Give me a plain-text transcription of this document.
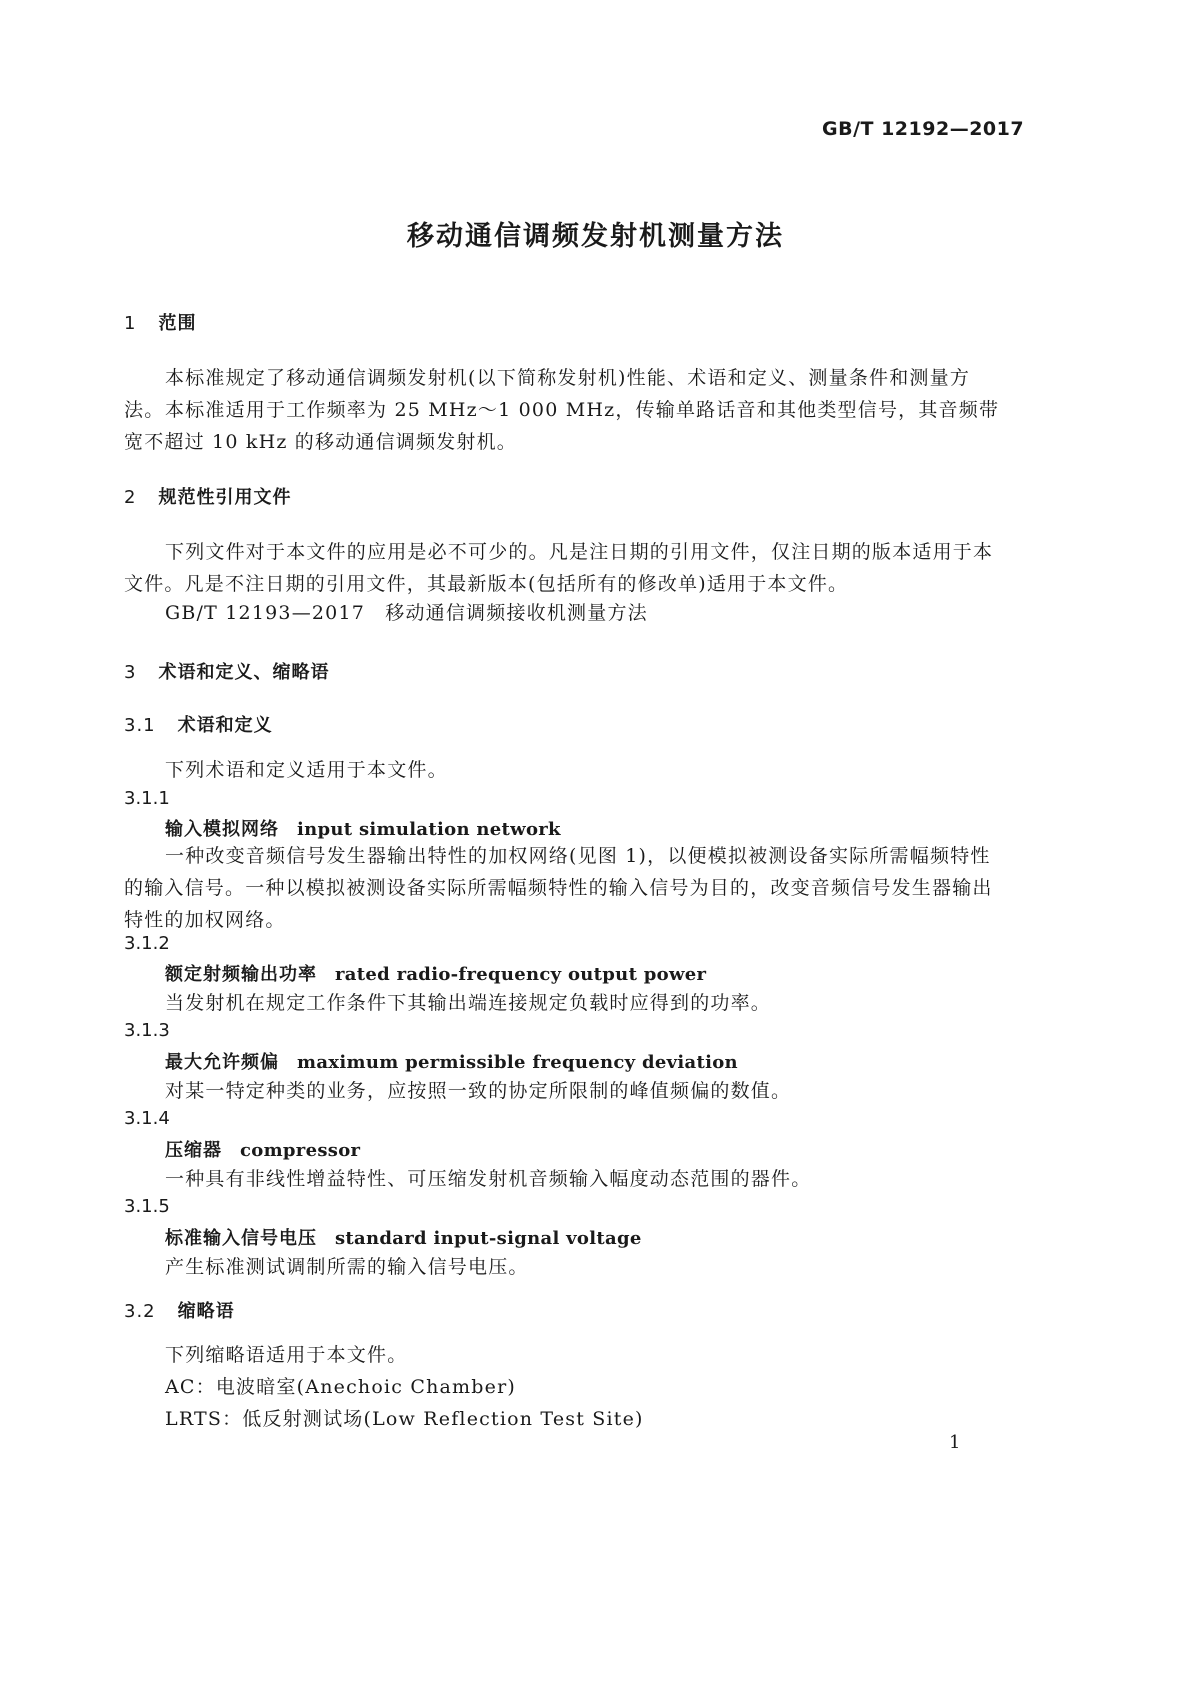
GB/T 12192—2017
移动通信调频发射机测量方法
1 范围
本标准规定了移动通信调频发射机(以下简称发射机)性能、术语和定义、测量条件和测量方法。 本标准适用于工作频率为 25 MHz～1 000 MHz，传输单路话音和其他类型信号，其音频带宽不超过 10 kHz 的移动通信调频发射机。
2 规范性引用文件
下列文件对于本文件的应用是必不可少的。凡是注日期的引用文件，仅注日期的版本适用于本文件。凡是不注日期的引用文件，其最新版本(包括所有的修改单)适用于本文件。
GB/T 12193—2017　移动通信调频接收机测量方法
3 术语和定义、缩略语
3.1 术语和定义
下列术语和定义适用于本文件。
3.1.1
输入模拟网络 input simulation network
一种改变音频信号发生器输出特性的加权网络(见图 1)，以便模拟被测设备实际所需幅频特性的输入信号。一种以模拟被测设备实际所需幅频特性的输入信号为目的，改变音频信号发生器输出特性的加权网络。
3.1.2
额定射频输出功率 rated radio-frequency output power
当发射机在规定工作条件下其输出端连接规定负载时应得到的功率。
3.1.3
最大允许频偏 maximum permissible frequency deviation
对某一特定种类的业务，应按照一致的协定所限制的峰值频偏的数值。
3.1.4
压缩器 compressor
一种具有非线性增益特性、可压缩发射机音频输入幅度动态范围的器件。
3.1.5
标准输入信号电压 standard input-signal voltage
产生标准测试调制所需的输入信号电压。
3.2 缩略语
下列缩略语适用于本文件。
AC：电波暗室(Anechoic Chamber)
LRTS：低反射测试场(Low Reflection Test Site)
1
